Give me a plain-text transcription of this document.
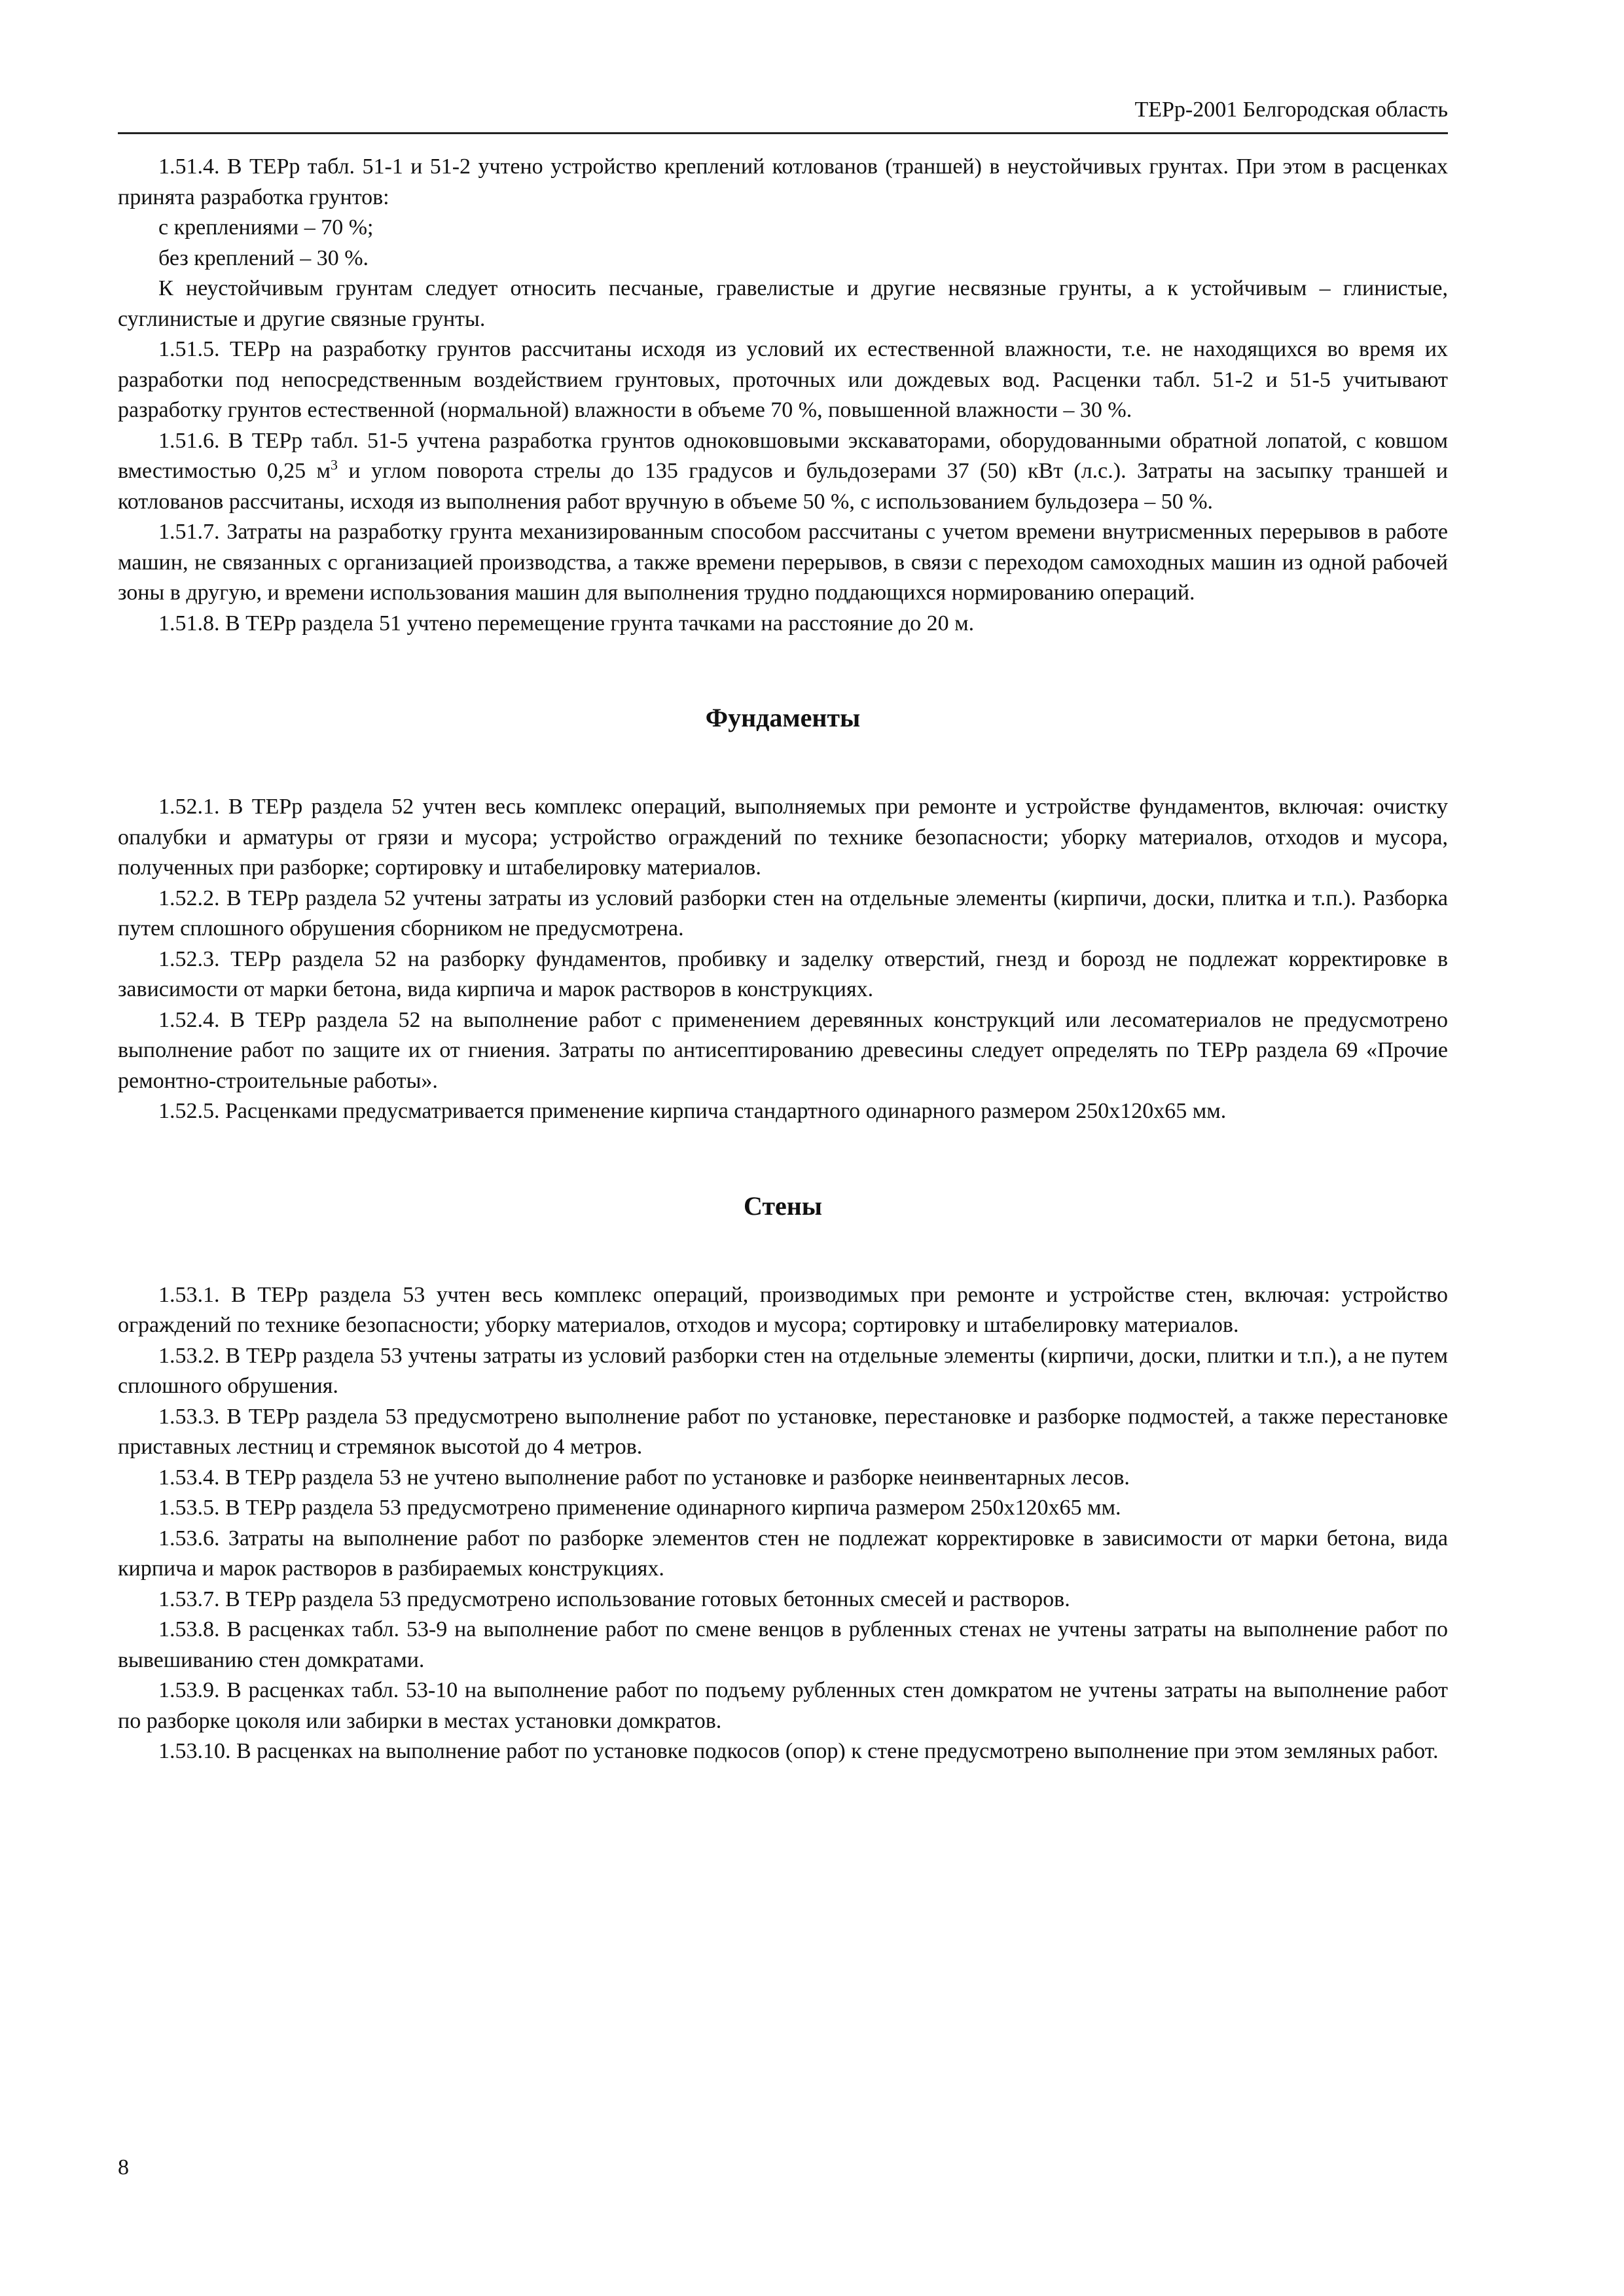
ТЕРр-2001 Белгородская область

1.51.4. В ТЕРр табл. 51-1 и 51-2 учтено устройство креплений котлованов (траншей) в неустойчивых грунтах. При этом в расценках принята разработка грунтов:

с креплениями – 70 %;

без креплений – 30 %.

К неустойчивым грунтам следует относить песчаные, гравелистые и другие несвязные грунты, а к устойчивым – глинистые, суглинистые и другие связные грунты.

1.51.5. ТЕРр на разработку грунтов рассчитаны исходя из условий их естественной влажности, т.е. не находящихся во время их разработки под непосредственным воздействием грунтовых, проточных или дождевых вод. Расценки табл. 51-2 и 51-5 учитывают разработку грунтов естественной (нормальной) влажности в объеме 70 %, повышенной влажности – 30 %.

1.51.6. В ТЕРр табл. 51-5 учтена разработка грунтов одноковшовыми экскаваторами, оборудованными обратной лопатой, с ковшом вместимостью 0,25 $м^3$ и углом поворота стрелы до 135 градусов и бульдозерами 37 (50) кВт (л.с.). Затраты на засыпку траншей и котлованов рассчитаны, исходя из выполнения работ вручную в объеме 50 %, с использованием бульдозера – 50 %.

1.51.7. Затраты на разработку грунта механизированным способом рассчитаны с учетом времени внутрисменных перерывов в работе машин, не связанных с организацией производства, а также времени перерывов, в связи с переходом самоходных машин из одной рабочей зоны в другую, и времени использования машин для выполнения трудно поддающихся нормированию операций.

1.51.8. В ТЕРр раздела 51 учтено перемещение грунта тачками на расстояние до 20 м.

Фундаменты

1.52.1. В ТЕРр раздела 52 учтен весь комплекс операций, выполняемых при ремонте и устройстве фундаментов, включая: очистку опалубки и арматуры от грязи и мусора; устройство ограждений по технике безопасности; уборку материалов, отходов и мусора, полученных при разборке; сортировку и штабелировку материалов.

1.52.2. В ТЕРр раздела 52 учтены затраты из условий разборки стен на отдельные элементы (кирпичи, доски, плитка и т.п.). Разборка путем сплошного обрушения сборником не предусмотрена.

1.52.3. ТЕРр раздела 52 на разборку фундаментов, пробивку и заделку отверстий, гнезд и борозд не подлежат корректировке в зависимости от марки бетона, вида кирпича и марок растворов в конструкциях.

1.52.4. В ТЕРр раздела 52 на выполнение работ с применением деревянных конструкций или лесоматериалов не предусмотрено выполнение работ по защите их от гниения. Затраты по антисептированию древесины следует определять по ТЕРр раздела 69 «Прочие ремонтно-строительные работы».

1.52.5. Расценками предусматривается применение кирпича стандартного одинарного размером 250х120х65 мм.

Стены

1.53.1. В ТЕРр раздела 53 учтен весь комплекс операций, производимых при ремонте и устройстве стен, включая: устройство ограждений по технике безопасности; уборку материалов, отходов и мусора; сортировку и штабелировку материалов.

1.53.2. В ТЕРр раздела 53 учтены затраты из условий разборки стен на отдельные элементы (кирпичи, доски, плитки и т.п.), а не путем сплошного обрушения.

1.53.3. В ТЕРр раздела 53 предусмотрено выполнение работ по установке, перестановке и разборке подмостей, а также перестановке приставных лестниц и стремянок высотой до 4 метров.

1.53.4. В ТЕРр раздела 53 не учтено выполнение работ по установке и разборке неинвентарных лесов.

1.53.5. В ТЕРр раздела 53 предусмотрено применение одинарного кирпича размером 250х120х65 мм.

1.53.6. Затраты на выполнение работ по разборке элементов стен не подлежат корректировке в зависимости от марки бетона, вида кирпича и марок растворов в разбираемых конструкциях.

1.53.7. В ТЕРр раздела 53 предусмотрено использование готовых бетонных смесей и растворов.

1.53.8. В расценках табл. 53-9 на выполнение работ по смене венцов в рубленных стенах не учтены затраты на выполнение работ по вывешиванию стен домкратами.

1.53.9. В расценках табл. 53-10 на выполнение работ по подъему рубленных стен домкратом не учтены затраты на выполнение работ по разборке цоколя или забирки в местах установки домкратов.

1.53.10. В расценках на выполнение работ по установке подкосов (опор) к стене предусмотрено выполнение при этом земляных работ.

8
